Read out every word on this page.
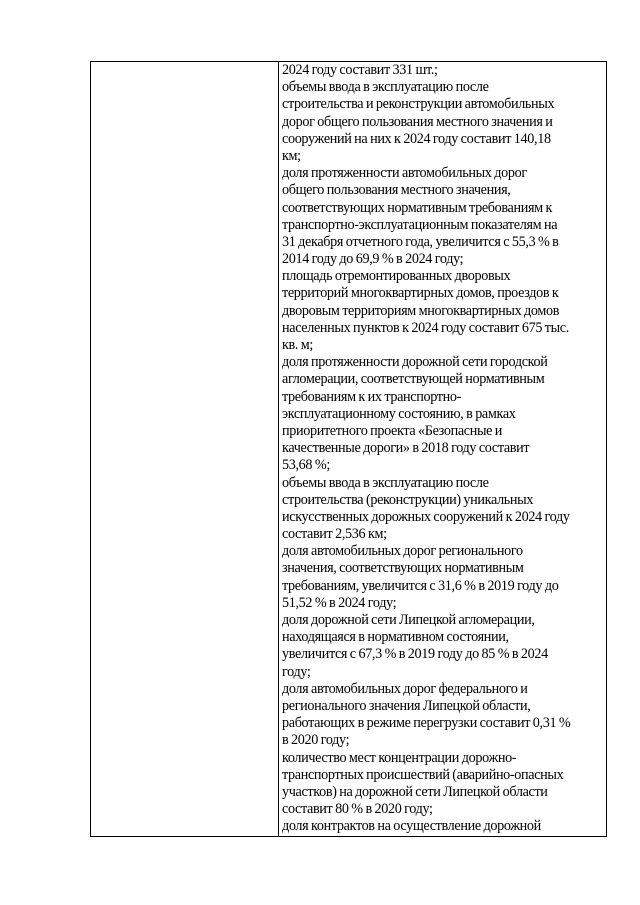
2024 году составит 331 шт.;
объемы ввода в эксплуатацию после
строительства и реконструкции автомобильных
дорог общего пользования местного значения и
сооружений на них к 2024 году составит 140,18
км;
доля протяженности автомобильных дорог
общего пользования местного значения,
соответствующих нормативным требованиям к
транспортно-эксплуатационным показателям на
31 декабря отчетного года, увеличится с 55,3 % в
2014 году до 69,9 % в 2024 году;
площадь отремонтированных дворовых
территорий многоквартирных домов, проездов к
дворовым территориям многоквартирных домов
населенных пунктов к 2024 году составит 675 тыс.
кв. м;
доля протяженности дорожной сети городской
агломерации, соответствующей нормативным
требованиям к их транспортно-
эксплуатационному состоянию, в рамках
приоритетного проекта «Безопасные и
качественные дороги» в 2018 году составит
53,68 %;
объемы ввода в эксплуатацию после
строительства (реконструкции) уникальных
искусственных дорожных сооружений к 2024 году
составит 2,536 км;
доля автомобильных дорог регионального
значения, соответствующих нормативным
требованиям, увеличится с 31,6 % в 2019 году до
51,52 % в 2024 году;
доля дорожной сети Липецкой агломерации,
находящаяся в нормативном состоянии,
увеличится с 67,3 % в 2019 году до 85 % в 2024
году;
доля автомобильных дорог федерального и
регионального значения Липецкой области,
работающих в режиме перегрузки составит 0,31 %
в 2020 году;
количество мест концентрации дорожно-
транспортных происшествий (аварийно-опасных
участков) на дорожной сети Липецкой области
составит 80 % в 2020 году;
доля контрактов на осуществление дорожной
